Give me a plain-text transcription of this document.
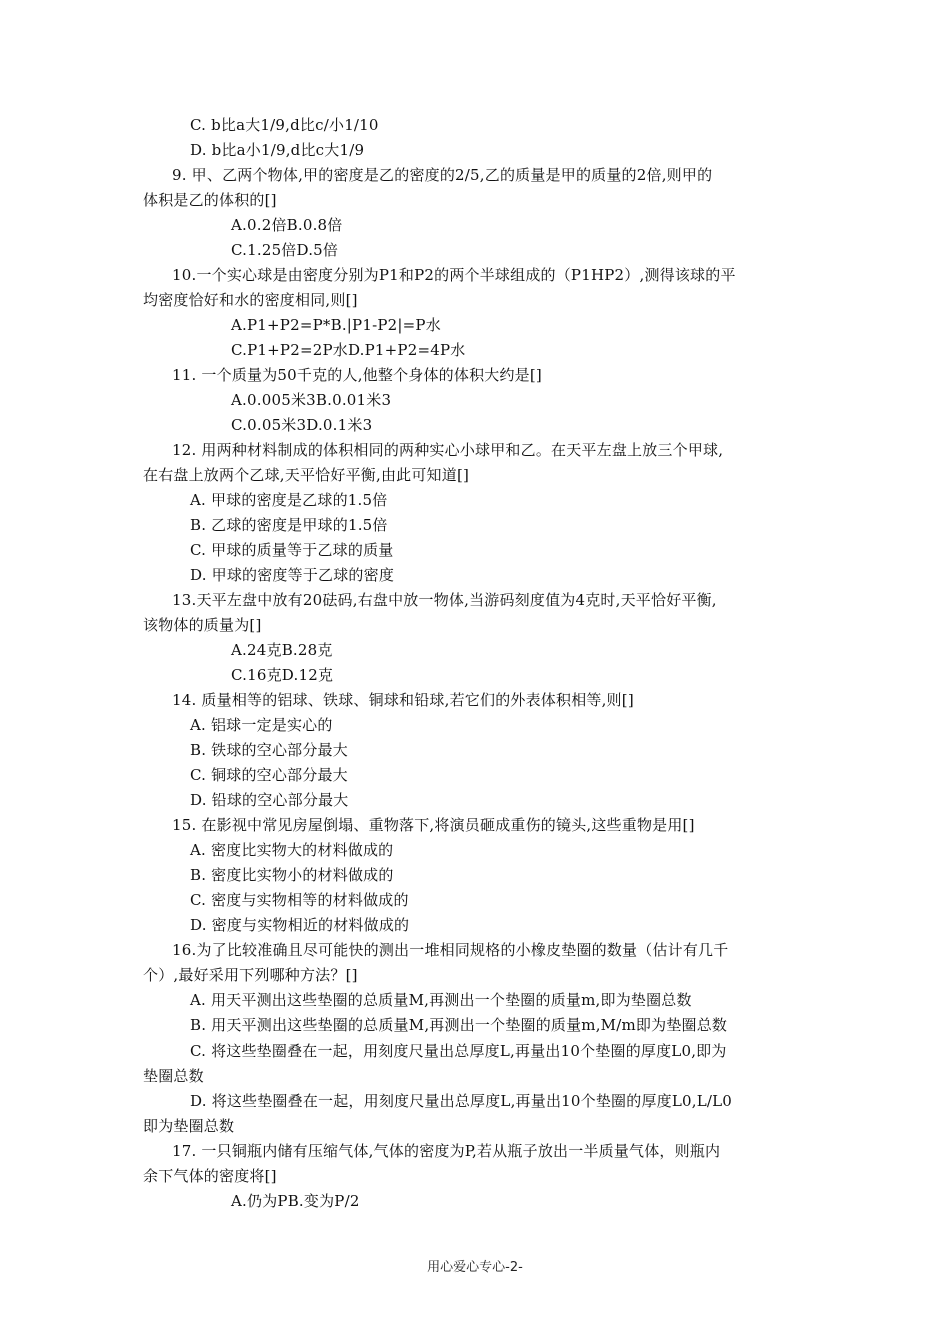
C. b比a大1/9,d比c/小1/10
D. b比a小1/9,d比c大1/9
9. 甲、乙两个物体,甲的密度是乙的密度的2/5,乙的质量是甲的质量的2倍,则甲的
体积是乙的体积的[]
A.0.2倍B.0.8倍
C.1.25倍D.5倍
10.一个实心球是由密度分别为P1和P2的两个半球组成的（P1HP2）,测得该球的平
均密度恰好和水的密度相同,则[]
A.P1+P2=P*B.|P1-P2|=P水
C.P1+P2=2P水D.P1+P2=4P水
11. 一个质量为50千克的人,他整个身体的体积大约是[]
A.0.005米3B.0.01米3
C.0.05米3D.0.1米3
12. 用两种材料制成的体积相同的两种实心小球甲和乙。在天平左盘上放三个甲球,
在右盘上放两个乙球,天平恰好平衡,由此可知道[]
A. 甲球的密度是乙球的1.5倍
B. 乙球的密度是甲球的1.5倍
C. 甲球的质量等于乙球的质量
D. 甲球的密度等于乙球的密度
13.天平左盘中放有20砝码,右盘中放一物体,当游码刻度值为4克时,天平恰好平衡,
该物体的质量为[]
A.24克B.28克
C.16克D.12克
14. 质量相等的铝球、铁球、铜球和铅球,若它们的外表体积相等,则[]
A. 铝球一定是实心的
B. 铁球的空心部分最大
C. 铜球的空心部分最大
D. 铅球的空心部分最大
15. 在影视中常见房屋倒塌、重物落下,将演员砸成重伤的镜头,这些重物是用[]
A. 密度比实物大的材料做成的
B. 密度比实物小的材料做成的
C. 密度与实物相等的材料做成的
D. 密度与实物相近的材料做成的
16.为了比较准确且尽可能快的测出一堆相同规格的小橡皮垫圈的数量（估计有几千
个）,最好采用下列哪种方法？[]
A. 用天平测出这些垫圈的总质量M,再测出一个垫圈的质量m,即为垫圈总数
B. 用天平测出这些垫圈的总质量M,再测出一个垫圈的质量m,M/m即为垫圈总数
C. 将这些垫圈叠在一起，用刻度尺量出总厚度L,再量出10个垫圈的厚度L0,即为
垫圈总数
D. 将这些垫圈叠在一起，用刻度尺量出总厚度L,再量出10个垫圈的厚度L0,L/L0
即为垫圈总数
17. 一只铜瓶内储有压缩气体,气体的密度为P,若从瓶子放出一半质量气体，则瓶内
余下气体的密度将[]
A.仍为PB.变为P/2
用心爱心专心-2-
